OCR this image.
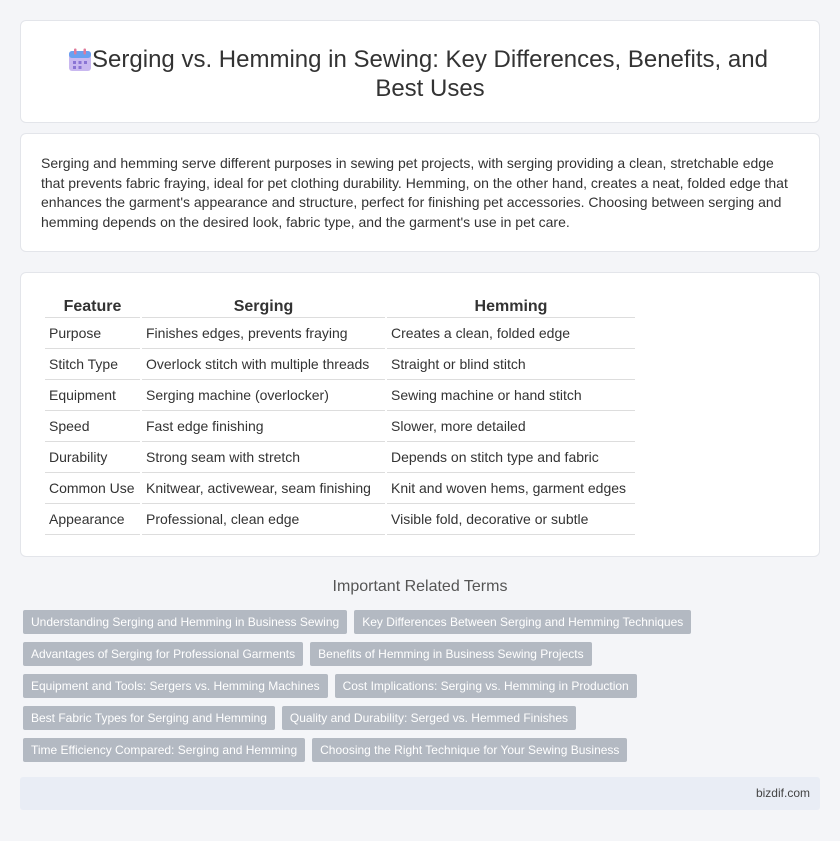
Serging vs. Hemming in Sewing: Key Differences, Benefits, and Best Uses

Serging and hemming serve different purposes in sewing pet projects, with serging providing a clean, stretchable edge that prevents fabric fraying, ideal for pet clothing durability. Hemming, on the other hand, creates a neat, folded edge that enhances the garment's appearance and structure, perfect for finishing pet accessories. Choosing between serging and hemming depends on the desired look, fabric type, and the garment's use in pet care.

Feature	Serging	Hemming
Purpose	Finishes edges, prevents fraying	Creates a clean, folded edge
Stitch Type	Overlock stitch with multiple threads	Straight or blind stitch
Equipment	Serging machine (overlocker)	Sewing machine or hand stitch
Speed	Fast edge finishing	Slower, more detailed
Durability	Strong seam with stretch	Depends on stitch type and fabric
Common Use	Knitwear, activewear, seam finishing	Knit and woven hems, garment edges
Appearance	Professional, clean edge	Visible fold, decorative or subtle
Important Related Terms
Understanding Serging and Hemming in Business Sewing	Key Differences Between Serging and Hemming Techniques
Advantages of Serging for Professional Garments	Benefits of Hemming in Business Sewing Projects
Equipment and Tools: Sergers vs. Hemming Machines	Cost Implications: Serging vs. Hemming in Production
Best Fabric Types for Serging and Hemming	Quality and Durability: Serged vs. Hemmed Finishes
Time Efficiency Compared: Serging and Hemming	Choosing the Right Technique for Your Sewing Business
bizdif.com
